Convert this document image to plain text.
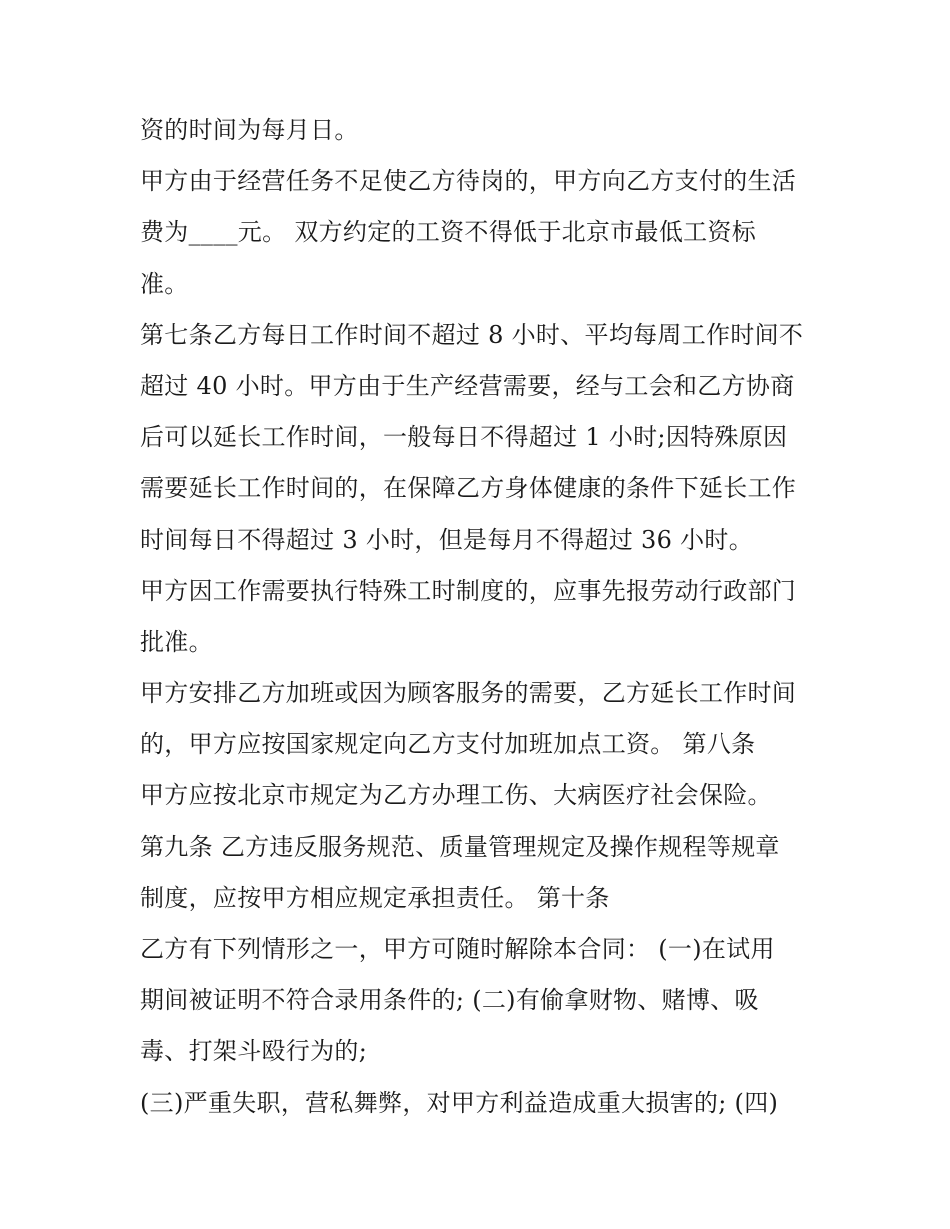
资的时间为每月日。
甲方由于经营任务不足使乙方待岗的，甲方向乙方支付的生活
费为____元。 双方约定的工资不得低于北京市最低工资标
准。
第七条乙方每日工作时间不超过 8 小时、平均每周工作时间不
超过 40 小时。甲方由于生产经营需要，经与工会和乙方协商
后可以延长工作时间，一般每日不得超过 1 小时;因特殊原因
需要延长工作时间的，在保障乙方身体健康的条件下延长工作
时间每日不得超过 3 小时，但是每月不得超过 36 小时。
甲方因工作需要执行特殊工时制度的，应事先报劳动行政部门
批准。
甲方安排乙方加班或因为顾客服务的需要，乙方延长工作时间
的，甲方应按国家规定向乙方支付加班加点工资。 第八条
甲方应按北京市规定为乙方办理工伤、大病医疗社会保险。
第九条 乙方违反服务规范、质量管理规定及操作规程等规章
制度，应按甲方相应规定承担责任。 第十条
乙方有下列情形之一，甲方可随时解除本合同： (一)在试用
期间被证明不符合录用条件的; (二)有偷拿财物、赌博、吸
毒、打架斗殴行为的;
(三)严重失职，营私舞弊，对甲方利益造成重大损害的; (四)
